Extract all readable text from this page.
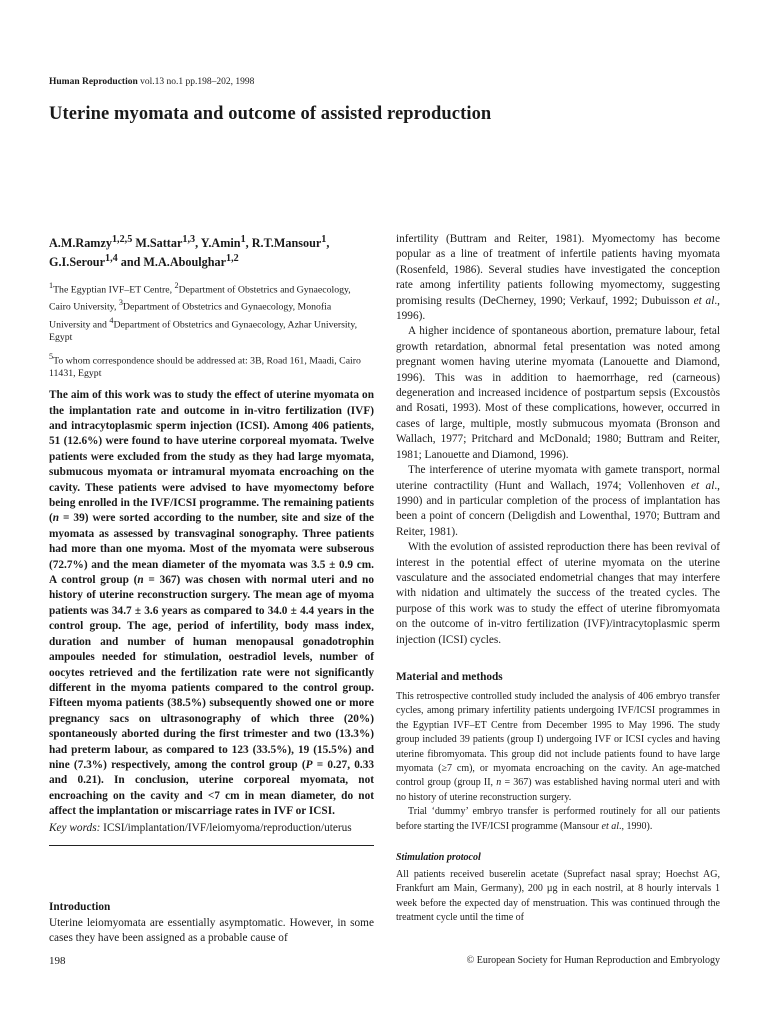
Human Reproduction vol.13 no.1 pp.198–202, 1998
Uterine myomata and outcome of assisted reproduction
A.M.Ramzy$^{1,2,5}$ M.Sattar$^{1,3}$, Y.Amin$^1$, R.T.Mansour$^1$, G.I.Serour$^{1,4}$ and M.A.Aboulghar$^{1,2}$

$^1$The Egyptian IVF–ET Centre, $^2$Department of Obstetrics and Gynaecology, Cairo University, $^3$Department of Obstetrics and Gynaecology, Monofia University and $^4$Department of Obstetrics and Gynaecology, Azhar University, Egypt

$^5$To whom correspondence should be addressed at: 3B, Road 161, Maadi, Cairo 11431, Egypt

The aim of this work was to study the effect of uterine myomata on the implantation rate and outcome in in-vitro fertilization (IVF) and intracytoplasmic sperm injection (ICSI). Among 406 patients, 51 (12.6%) were found to have uterine corporeal myomata. Twelve patients were excluded from the study as they had large myomata, submucous myomata or intramural myomata encroaching on the cavity. These patients were advised to have myomectomy before being enrolled in the IVF/ICSI programme. The remaining patients (n = 39) were sorted according to the number, site and size of the myomata as assessed by transvaginal sonography. Three patients had more than one myoma. Most of the myomata were subserous (72.7%) and the mean diameter of the myomata was 3.5 ± 0.9 cm. A control group (n = 367) was chosen with normal uteri and no history of uterine reconstruction surgery. The mean age of myoma patients was 34.7 ± 3.6 years as compared to 34.0 ± 4.4 years in the control group. The age, period of infertility, body mass index, duration and number of human menopausal gonadotrophin ampoules needed for stimulation, oestradiol levels, number of oocytes retrieved and the fertilization rate were not significantly different in the myoma patients compared to the control group. Fifteen myoma patients (38.5%) subsequently showed one or more pregnancy sacs on ultrasonography of which three (20%) spontaneously aborted during the first trimester and two (13.3%) had preterm labour, as compared to 123 (33.5%), 19 (15.5%) and nine (7.3%) respectively, among the control group (P = 0.27, 0.33 and 0.21). In conclusion, uterine corporeal myomata, not encroaching on the cavity and <7 cm in mean diameter, do not affect the implantation or miscarriage rates in IVF or ICSI.
Key words: ICSI/implantation/IVF/leiomyoma/reproduction/uterus
Introduction
Uterine leiomyomata are essentially asymptomatic. However, in some cases they have been assigned as a probable cause of

infertility (Buttram and Reiter, 1981). Myomectomy has become popular as a line of treatment of infertile patients having myomata (Rosenfeld, 1986). Several studies have investigated the conception rate among infertility patients following myomectomy, suggesting promising results (DeCherney, 1990; Verkauf, 1992; Dubuisson et al., 1996).

A higher incidence of spontaneous abortion, premature labour, fetal growth retardation, abnormal fetal presentation was noted among pregnant women having uterine myomata (Lanouette and Diamond, 1996). This was in addition to haemorrhage, red (carneous) degeneration and increased incidence of postpartum sepsis (Excoustòs and Rosati, 1993). Most of these complications, however, occurred in cases of large, multiple, mostly submucous myomata (Bronson and Wallach, 1977; Pritchard and McDonald; 1980; Buttram and Reiter, 1981; Lanouette and Diamond, 1996).

The interference of uterine myomata with gamete transport, normal uterine contractility (Hunt and Wallach, 1974; Vollenhoven et al., 1990) and in particular completion of the process of implantation has been a point of concern (Deligdish and Lowenthal, 1970; Buttram and Reiter, 1981).

With the evolution of assisted reproduction there has been revival of interest in the potential effect of uterine myomata on the uterine vasculature and the associated endometrial changes that may interfere with nidation and ultimately the success of the treated cycles. The purpose of this work was to study the effect of uterine fibromyomata on the outcome of in-vitro fertilization (IVF)/intracytoplasmic sperm injection (ICSI) cycles.

Material and methods

This retrospective controlled study included the analysis of 406 embryo transfer cycles, among primary infertility patients undergoing IVF/ICSI programmes in the Egyptian IVF–ET Centre from December 1995 to May 1996. The study group included 39 patients (group I) undergoing IVF or ICSI cycles and having uterine fibromyomata. This group did not include patients found to have large myomata (≥7 cm), or myomata encroaching on the cavity. An age-matched control group (group II, n = 367) was established having normal uteri and with no history of uterine reconstruction surgery.

Trial ‘dummy’ embryo transfer is performed routinely for all our patients before starting the IVF/ICSI programme (Mansour et al., 1990).

Stimulation protocol
All patients received buserelin acetate (Suprefact nasal spray; Hoechst AG, Frankfurt am Main, Germany), 200 µg in each nostril, at 8 hourly intervals 1 week before the expected day of menstruation. This was continued through the treatment cycle until the time of
198	© European Society for Human Reproduction and Embryology
